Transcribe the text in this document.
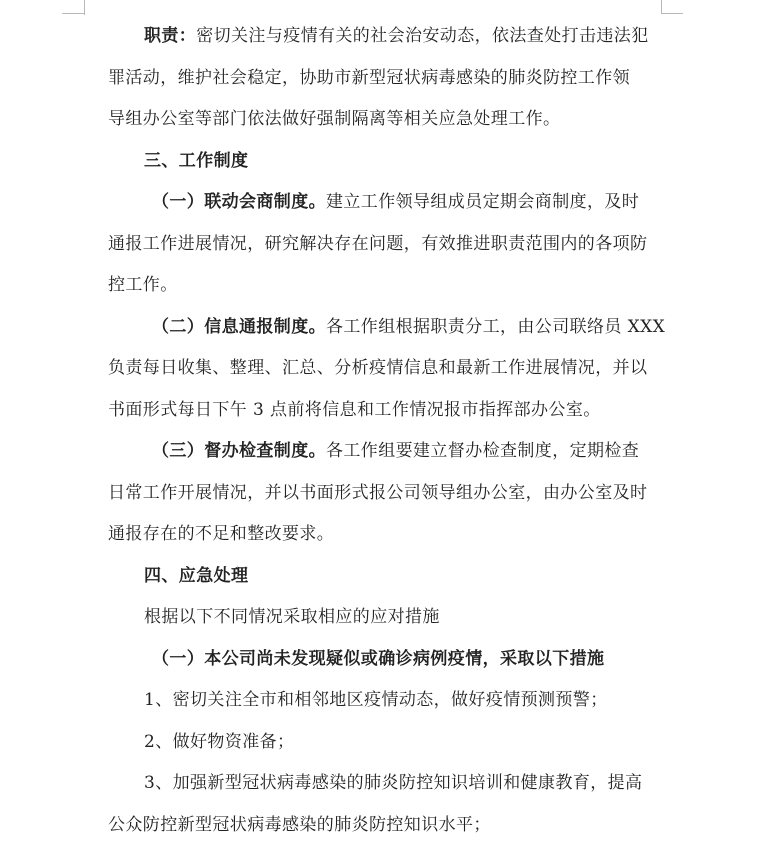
职责：密切关注与疫情有关的社会治安动态，依法查处打击违法犯
罪活动，维护社会稳定，协助市新型冠状病毒感染的肺炎防控工作领
导组办公室等部门依法做好强制隔离等相关应急处理工作。

三、工作制度

（一）联动会商制度。建立工作领导组成员定期会商制度，及时
通报工作进展情况，研究解决存在问题，有效推进职责范围内的各项防
控工作。

（二）信息通报制度。各工作组根据职责分工，由公司联络员 XXX
负责每日收集、整理、汇总、分析疫情信息和最新工作进展情况，并以
书面形式每日下午 3 点前将信息和工作情况报市指挥部办公室。

（三）督办检查制度。各工作组要建立督办检查制度，定期检查
日常工作开展情况，并以书面形式报公司领导组办公室，由办公室及时
通报存在的不足和整改要求。

四、应急处理

根据以下不同情况采取相应的应对措施

（一）本公司尚未发现疑似或确诊病例疫情，采取以下措施

1、密切关注全市和相邻地区疫情动态，做好疫情预测预警；

2、做好物资准备；

3、加强新型冠状病毒感染的肺炎防控知识培训和健康教育，提高
公众防控新型冠状病毒感染的肺炎防控知识水平；
